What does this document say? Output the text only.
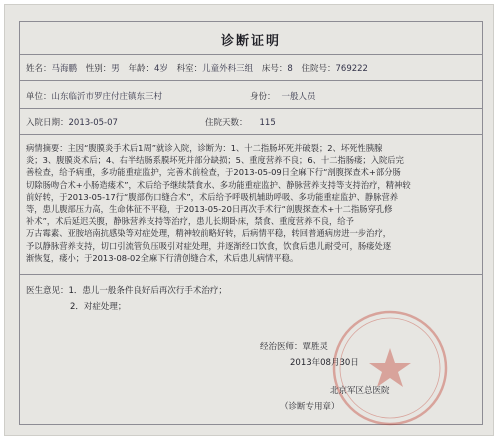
诊断证明
姓名：马海鹏 性别：男 年龄：4岁 科室：儿童外科三组 床号：8 住院号：769222
单位：山东临沂市罗庄付庄镇东三村	身份： 一般人员
入院日期：2013-05-07	住院天数： 115
病情摘要：主因“腹膜炎手术后1周”就诊入院，诊断为：1、十二指肠坏死并破裂；2、坏死性胰腺
炎；3、腹膜炎术后；4、右半结肠系膜坏死并部分缺损；5、重度营养不良；6、十二指肠瘘；入院后完
善检查，给予病重，多功能重症监护，完善术前检查，于2013-05-09日全麻下行“剖腹探查术+部分肠
切除肠吻合术+小肠造瘘术”，术后给予继续禁食水、多功能重症监护、静脉营养支持等支持治疗，精神较
前好转，于2013-05-17行“腹部伤口缝合术”，术后给予呼吸机辅助呼吸、多功能重症监护、静脉营养
等，患儿腹部压力高，生命体征不平稳，于2013-05-20日再次手术行“剖腹探查术+十二指肠穿孔修
补术”，术后延迟关腹，静脉营养支持等治疗，患儿长期卧床，禁食、重度营养不良，给予
万古霉素、亚胺培南抗感染等对症处理，精神较前略好转，后病情平稳，转回普通病房进一步治疗，
予以静脉营养支持，切口引流管负压吸引对症处理，并逐渐经口饮食，饮食后患儿耐受可，肠瘘处逐
渐恢复，瘘小；于2013-08-02全麻下行清创缝合术，术后患儿病情平稳。
医生意见：1．患儿一般条件良好后再次行手术治疗；
2．对症处理；
经治医师：覃胜灵
2013年08月30日
北京军区总医院
（诊断专用章）
